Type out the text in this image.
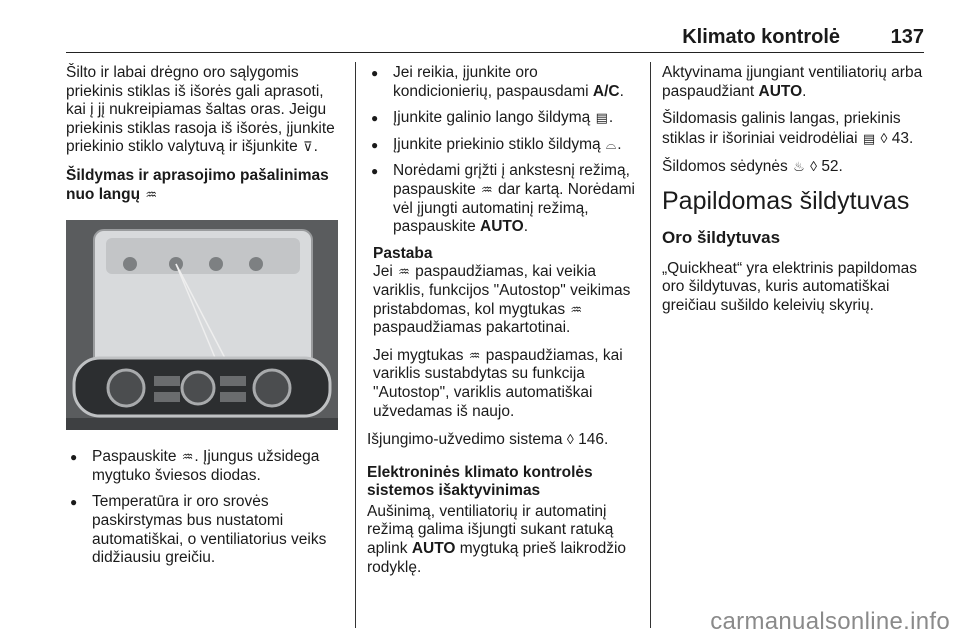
Klimato kontrolė	137

Šilto ir labai drėgno oro sąlygomis priekinis stiklas iš išorės gali aprasoti, kai į jį nukreipiamas šaltas oras. Jeigu priekinis stiklas rasoja iš išorės, įjunkite priekinio stiklo valytuvą ir išjunkite ⊽.

Šildymas ir aprasojimo pašalinimas nuo langų ♒

● Paspauskite ♒. Įjungus užsidega mygtuko šviesos diodas.
● Temperatūra ir oro srovės paskirstymas bus nustatomi automatiškai, o ventiliatorius veiks didžiausiu greičiu.
● Jei reikia, įjunkite oro kondicionierių, paspausdami A/C.
● Įjunkite galinio lango šildymą ▤.
● Įjunkite priekinio stiklo šildymą ⌓.
● Norėdami grįžti į ankstesnį režimą, paspauskite ♒ dar kartą. Norėdami vėl įjungti automatinį režimą, paspauskite AUTO.

Pastaba

Jei ♒ paspaudžiamas, kai veikia variklis, funkcijos "Autostop" veikimas pristabdomas, kol mygtukas ♒ paspaudžiamas pakartotinai.

Jei mygtukas ♒ paspaudžiamas, kai variklis sustabdytas su funkcija "Autostop", variklis automatiškai užvedamas iš naujo.

Išjungimo-užvedimo sistema ◊ 146.

Elektroninės klimato kontrolės sistemos išaktyvinimas

Aušinimą, ventiliatorių ir automatinį režimą galima išjungti sukant ratuką aplink AUTO mygtuką prieš laikrodžio rodyklę.

Aktyvinama įjungiant ventiliatorių arba paspaudžiant AUTO.

Šildomasis galinis langas, priekinis stiklas ir išoriniai veidrodėliai ▤ ◊ 43.

Šildomos sėdynės ♨ ◊ 52.

Papildomas šildytuvas
Oro šildytuvas

„Quickheat“ yra elektrinis papildomas oro šildytuvas, kuris automatiškai greičiau sušildo keleivių skyrių.

carmanualsonline.info
